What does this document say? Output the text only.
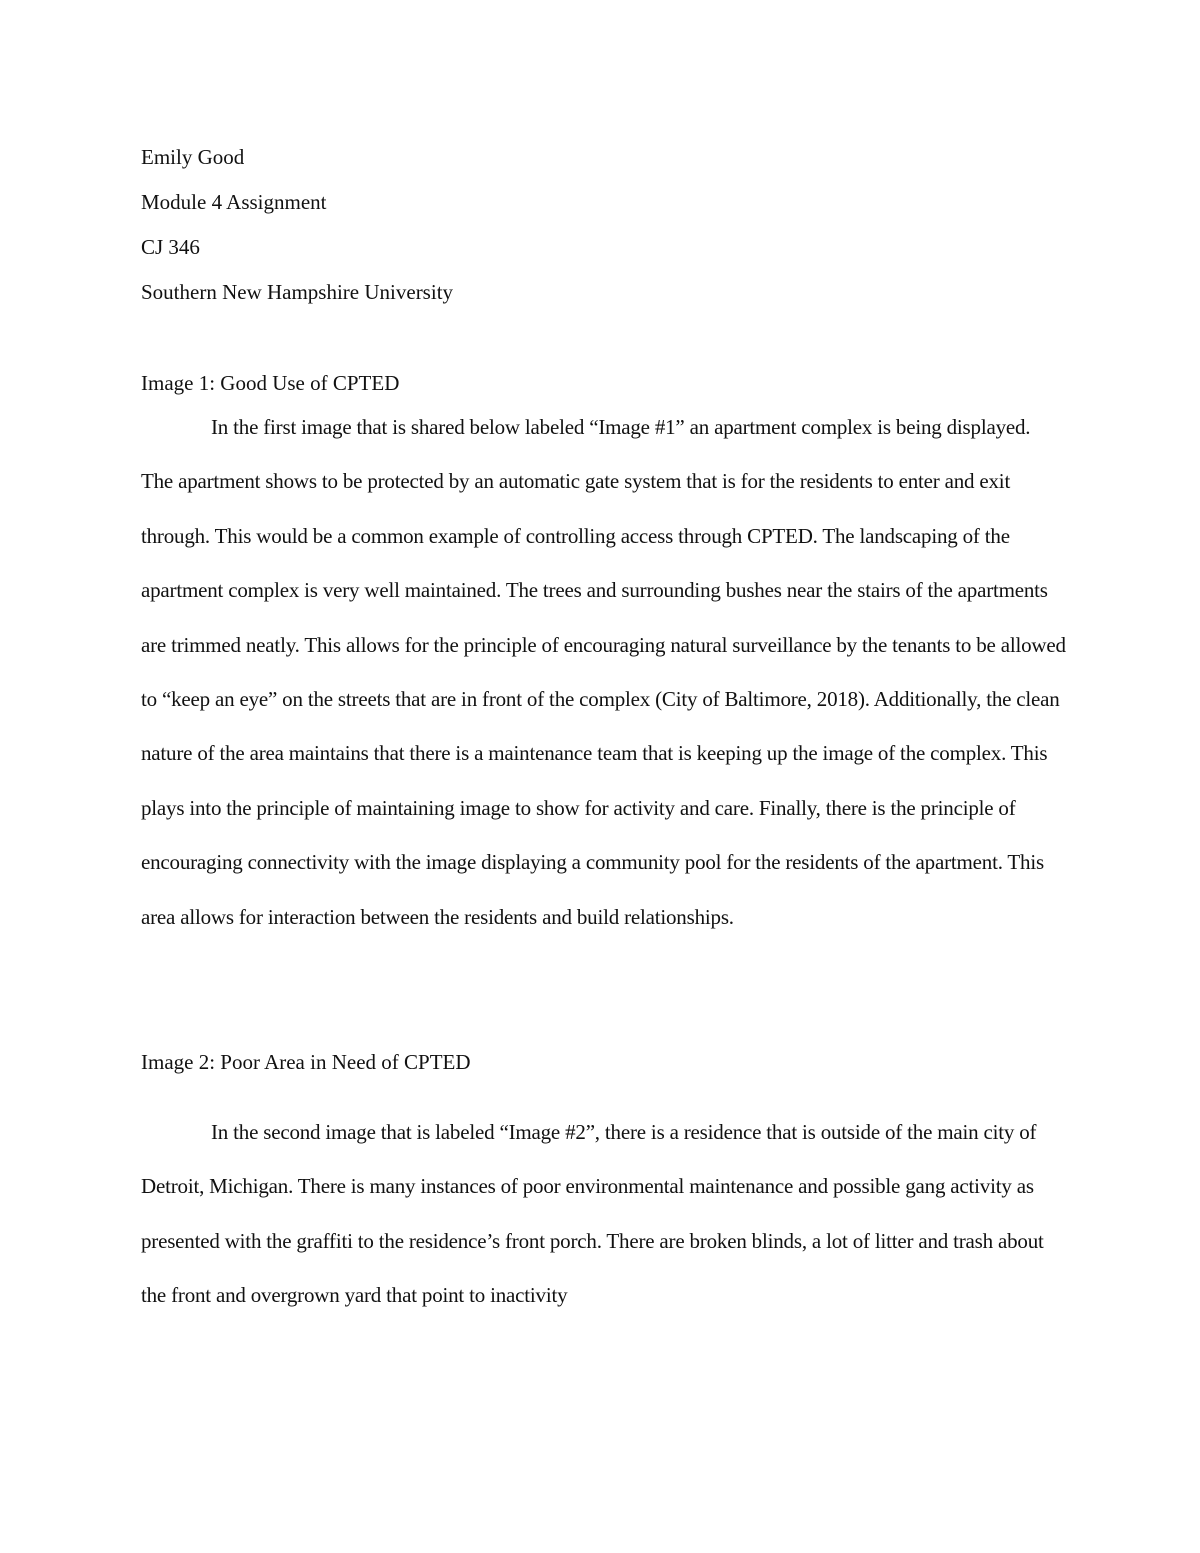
Emily Good
Module 4 Assignment
CJ 346
Southern New Hampshire University
Image 1: Good Use of CPTED

In the first image that is shared below labeled “Image #1” an apartment complex is being displayed. The apartment shows to be protected by an automatic gate system that is for the residents to enter and exit through. This would be a common example of controlling access through CPTED. The landscaping of the apartment complex is very well maintained. The trees and surrounding bushes near the stairs of the apartments are trimmed neatly. This allows for the principle of encouraging natural surveillance by the tenants to be allowed to “keep an eye” on the streets that are in front of the complex (City of Baltimore, 2018). Additionally, the clean nature of the area maintains that there is a maintenance team that is keeping up the image of the complex. This plays into the principle of maintaining image to show for activity and care. Finally, there is the principle of encouraging connectivity with the image displaying a community pool for the residents of the apartment. This area allows for interaction between the residents and build relationships.

Image 2: Poor Area in Need of CPTED

In the second image that is labeled “Image #2”, there is a residence that is outside of the main city of Detroit, Michigan. There is many instances of poor environmental maintenance and possible gang activity as presented with the graffiti to the residence’s front porch. There are broken blinds, a lot of litter and trash about the front and overgrown yard that point to inactivity
